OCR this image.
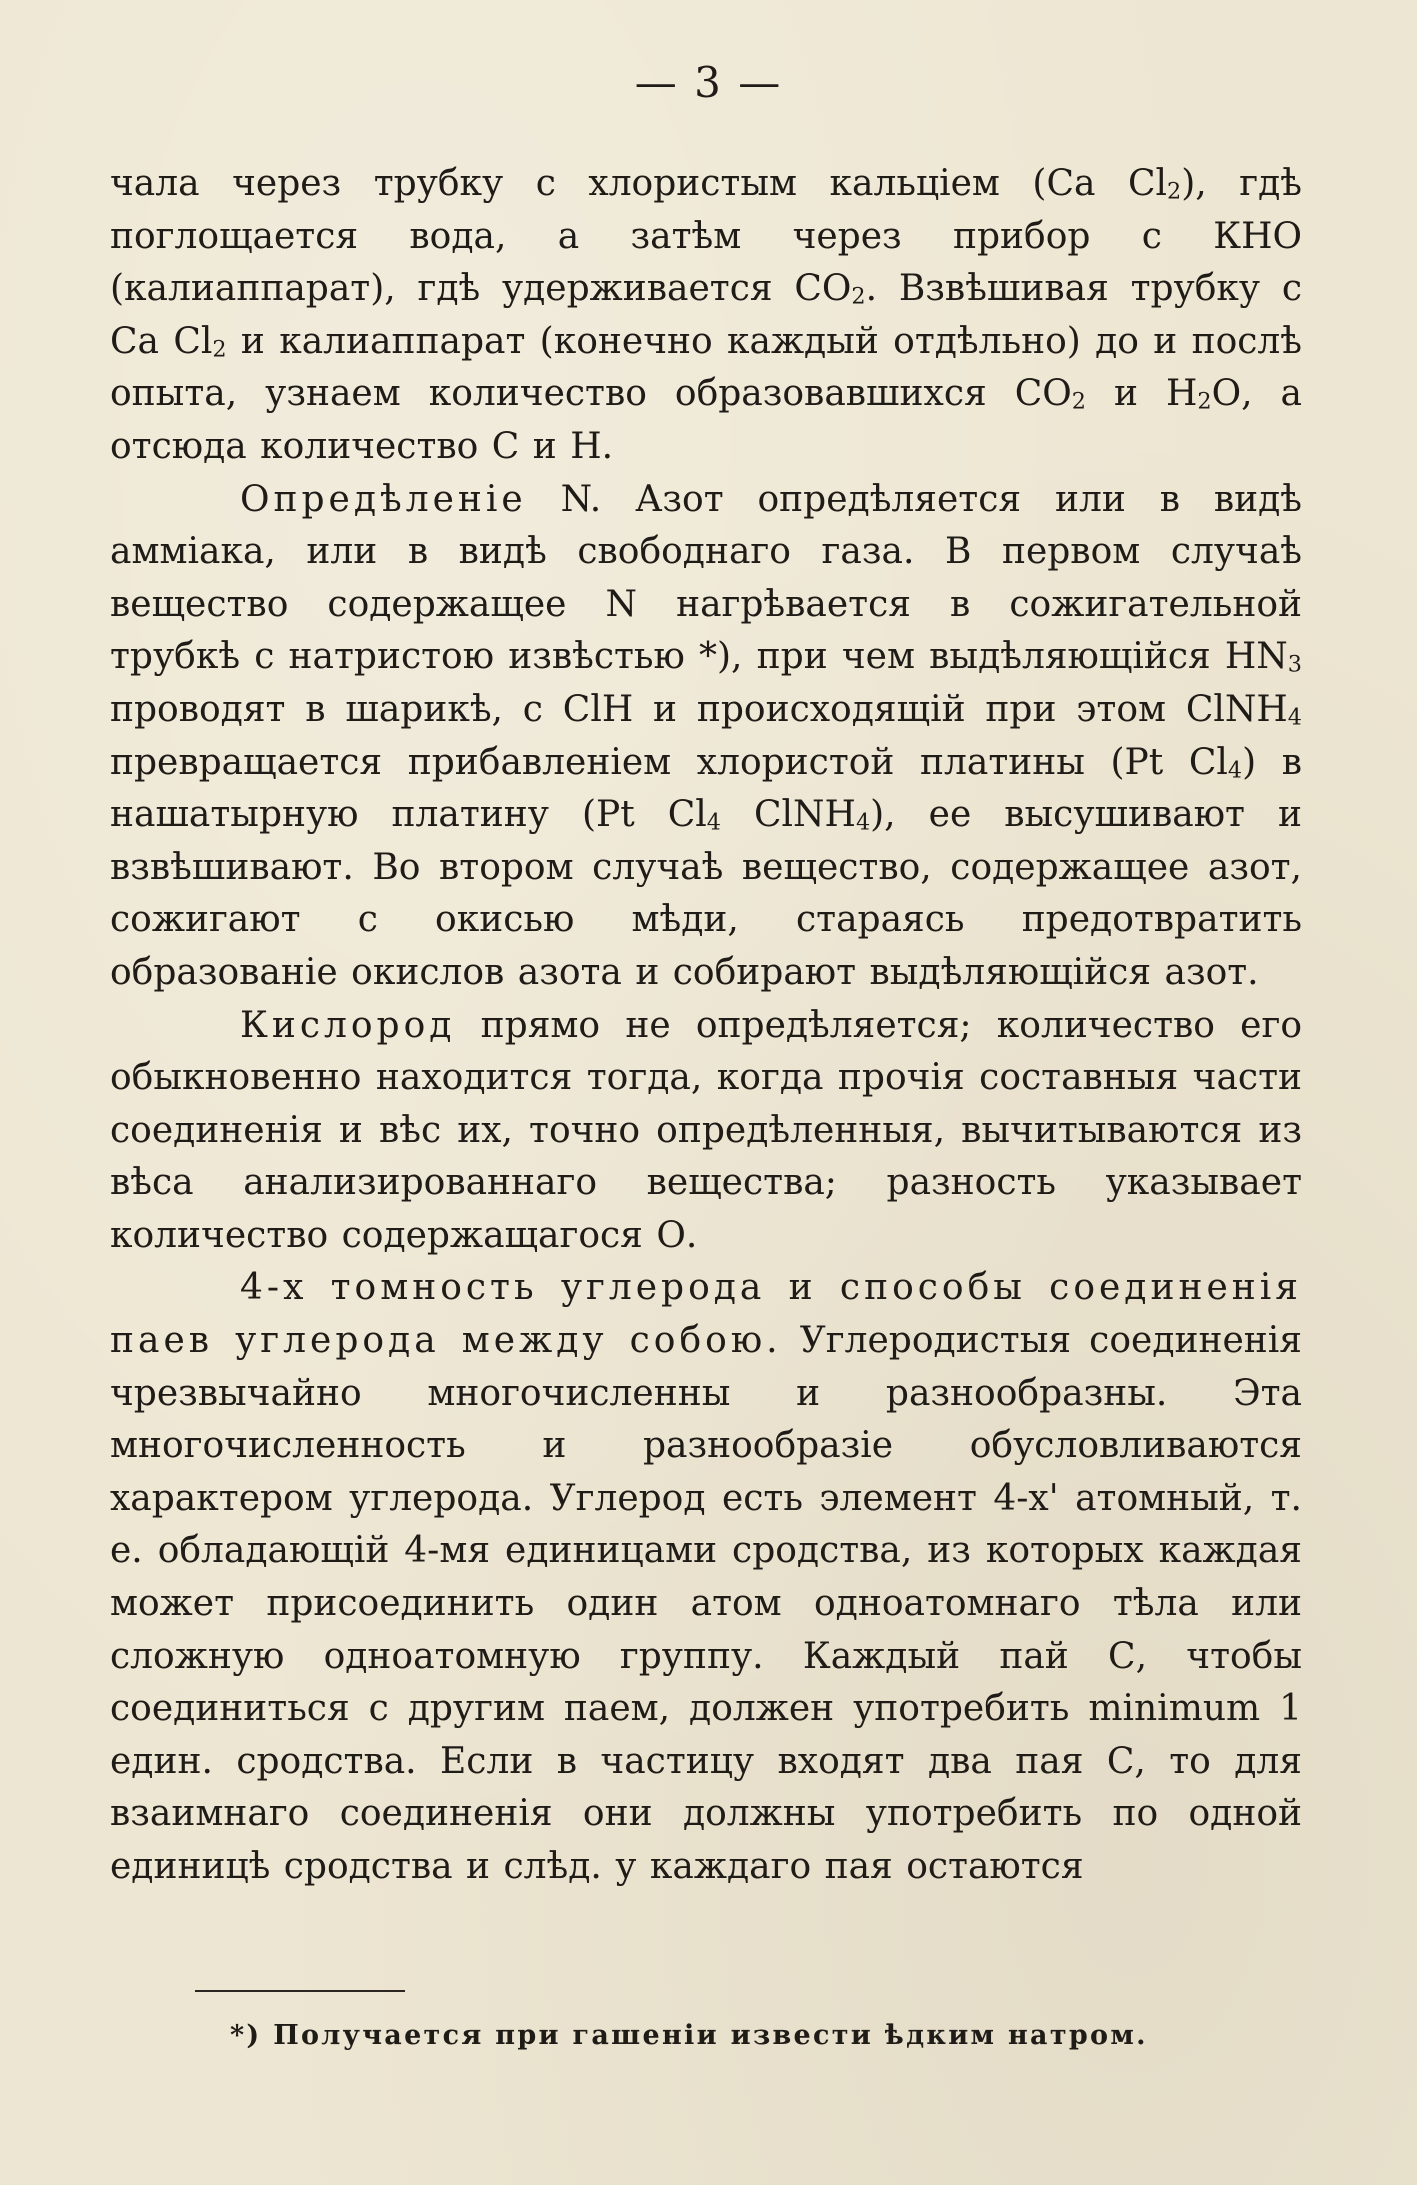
— 3 —

чала через трубку с хлористым кальціем (Са $Сl_2$), гдѣ поглощается вода, а затѣм через прибор с КНО (калиаппарат), гдѣ удерживается $СО_2$. Взвѣшивая трубку с Са $Сl_2$ и калиаппарат (конечно каждый отдѣльно) до и послѣ опыта, узнаем количество образовавшихся $СО_2$ и $Н_2О$, а отсюда количество С и Н.

Опредѣленіе N. Азот опредѣляется или в видѣ амміака, или в видѣ свободнаго газа. В первом случаѣ вещество содержащее N нагрѣвается в сожигательной трубкѣ с натристою извѣстью *), при чем выдѣляющійся $НN_3$ проводят в шарикѣ, с СlН и происходящій при этом СlNН$_4$ превращается прибавленіем хлористой платины (Рt $Сl_4$) в нашатырную платину (Рt $Сl_4$ СlNН$_4$), ее высушивают и взвѣшивают. Во втором случаѣ вещество, содержащее азот, сожигают с окисью мѣди, стараясь предотвратить образованіе окислов азота и собирают выдѣляющійся азот.

Кислород прямо не опредѣляется; количество его обыкновенно находится тогда, когда прочія составныя части соединенія и вѣс их, точно опредѣленныя, вычитываются из вѣса анализированнаго вещества; разность указывает количество содержащагося О.

4-х томность углерода и способы соединенія паев углерода между собою. Углеродистыя соединенія чрезвычайно многочисленны и разнообразны. Эта многочисленность и разнообразіе обусловливаются характером углерода. Углерод есть элемент 4-х' атомный, т. е. обладающій 4-мя единицами сродства, из которых каждая может присоединить один атом одноатомнаго тѣла или сложную одноатомную группу. Каждый пай С, чтобы соединиться с другим паем, должен употребить minimum 1 един. сродства. Если в частицу входят два пая С, то для взаимнаго соединенія они должны употребить по одной единицѣ сродства и слѣд. у каждаго пая остаются

*) Получается при гашеніи извести ѣдким натром.
